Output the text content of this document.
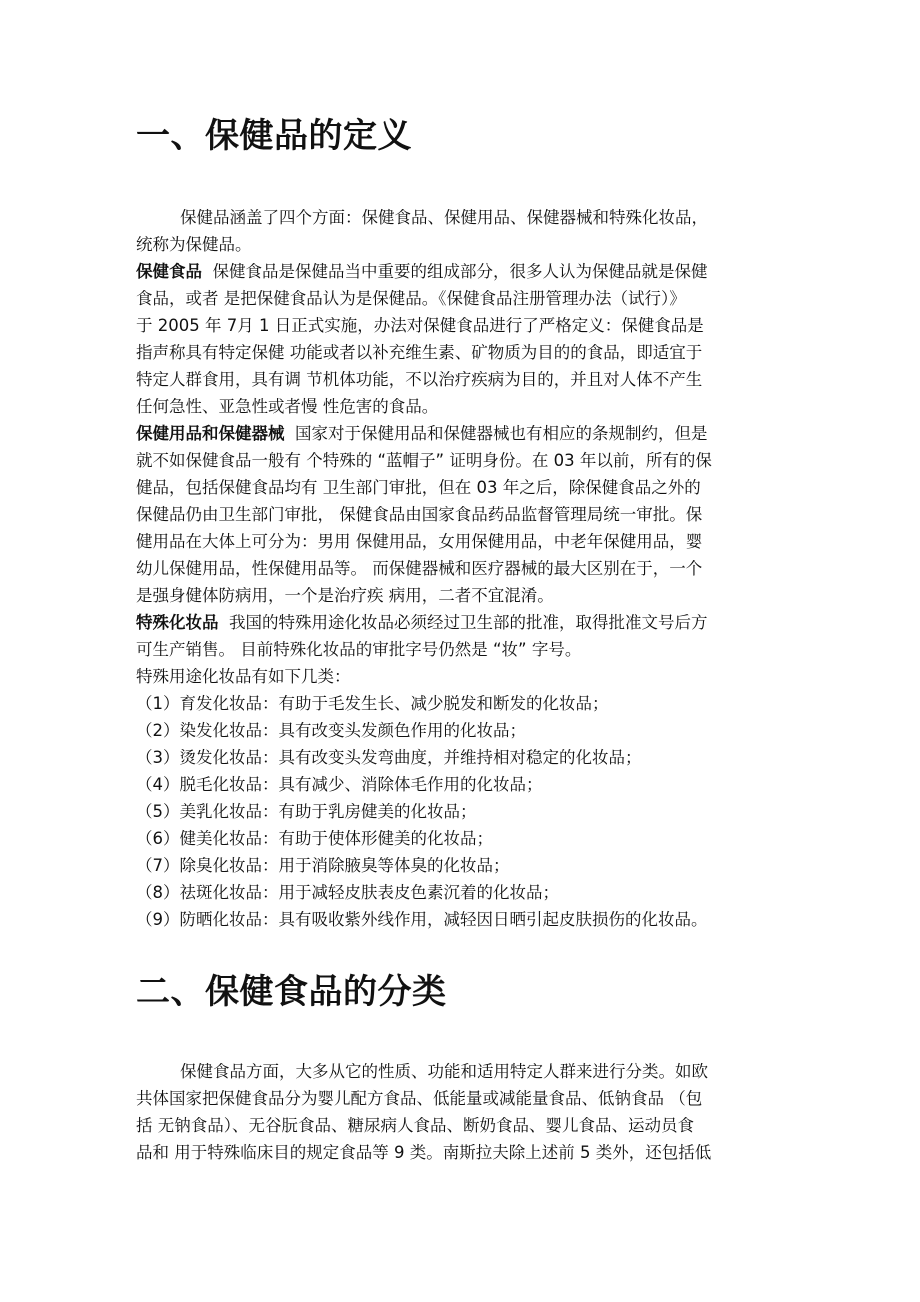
一、保健品的定义
保健品涵盖了四个方面：保健食品、保健用品、保健器械和特殊化妆品，
统称为保健品。
保健食品 保健食品是保健品当中重要的组成部分，很多人认为保健品就是保健
食品，或者 是把保健食品认为是保健品。《保健食品注册管理办法（试行）》
于 2005 年 7月 1 日正式实施，办法对保健食品进行了严格定义：保健食品是
指声称具有特定保健 功能或者以补充维生素、矿物质为目的的食品，即适宜于
特定人群食用，具有调 节机体功能，不以治疗疾病为目的，并且对人体不产生
任何急性、亚急性或者慢 性危害的食品。
保健用品和保健器械 国家对于保健用品和保健器械也有相应的条规制约，但是
就不如保健食品一般有 个特殊的 “蓝帽子” 证明身份。在 03 年以前，所有的保
健品，包括保健食品均有 卫生部门审批，但在 03 年之后，除保健食品之外的
保健品仍由卫生部门审批， 保健食品由国家食品药品监督管理局统一审批。保
健用品在大体上可分为：男用 保健用品，女用保健用品，中老年保健用品，婴
幼儿保健用品，性保健用品等。 而保健器械和医疗器械的最大区别在于，一个
是强身健体防病用，一个是治疗疾 病用，二者不宜混淆。
特殊化妆品 我国的特殊用途化妆品必须经过卫生部的批准，取得批准文号后方
可生产销售。 目前特殊化妆品的审批字号仍然是 “妆” 字号。
特殊用途化妆品有如下几类：
（1）育发化妆品：有助于毛发生长、减少脱发和断发的化妆品；
（2）染发化妆品：具有改变头发颜色作用的化妆品；
（3）烫发化妆品：具有改变头发弯曲度，并维持相对稳定的化妆品；
（4）脱毛化妆品：具有减少、消除体毛作用的化妆品；
（5）美乳化妆品：有助于乳房健美的化妆品；
（6）健美化妆品：有助于使体形健美的化妆品；
（7）除臭化妆品：用于消除腋臭等体臭的化妆品；
（8）祛斑化妆品：用于减轻皮肤表皮色素沉着的化妆品；
（9）防晒化妆品：具有吸收紫外线作用，减轻因日晒引起皮肤损伤的化妆品。
二、保健食品的分类
保健食品方面，大多从它的性质、功能和适用特定人群来进行分类。如欧
共体国家把保健食品分为婴儿配方食品、低能量或减能量食品、低钠食品 （包
括 无钠食品）、无谷朊食品、糖尿病人食品、断奶食品、婴儿食品、运动员食
品和 用于特殊临床目的规定食品等 9 类。南斯拉夫除上述前 5 类外，还包括低
